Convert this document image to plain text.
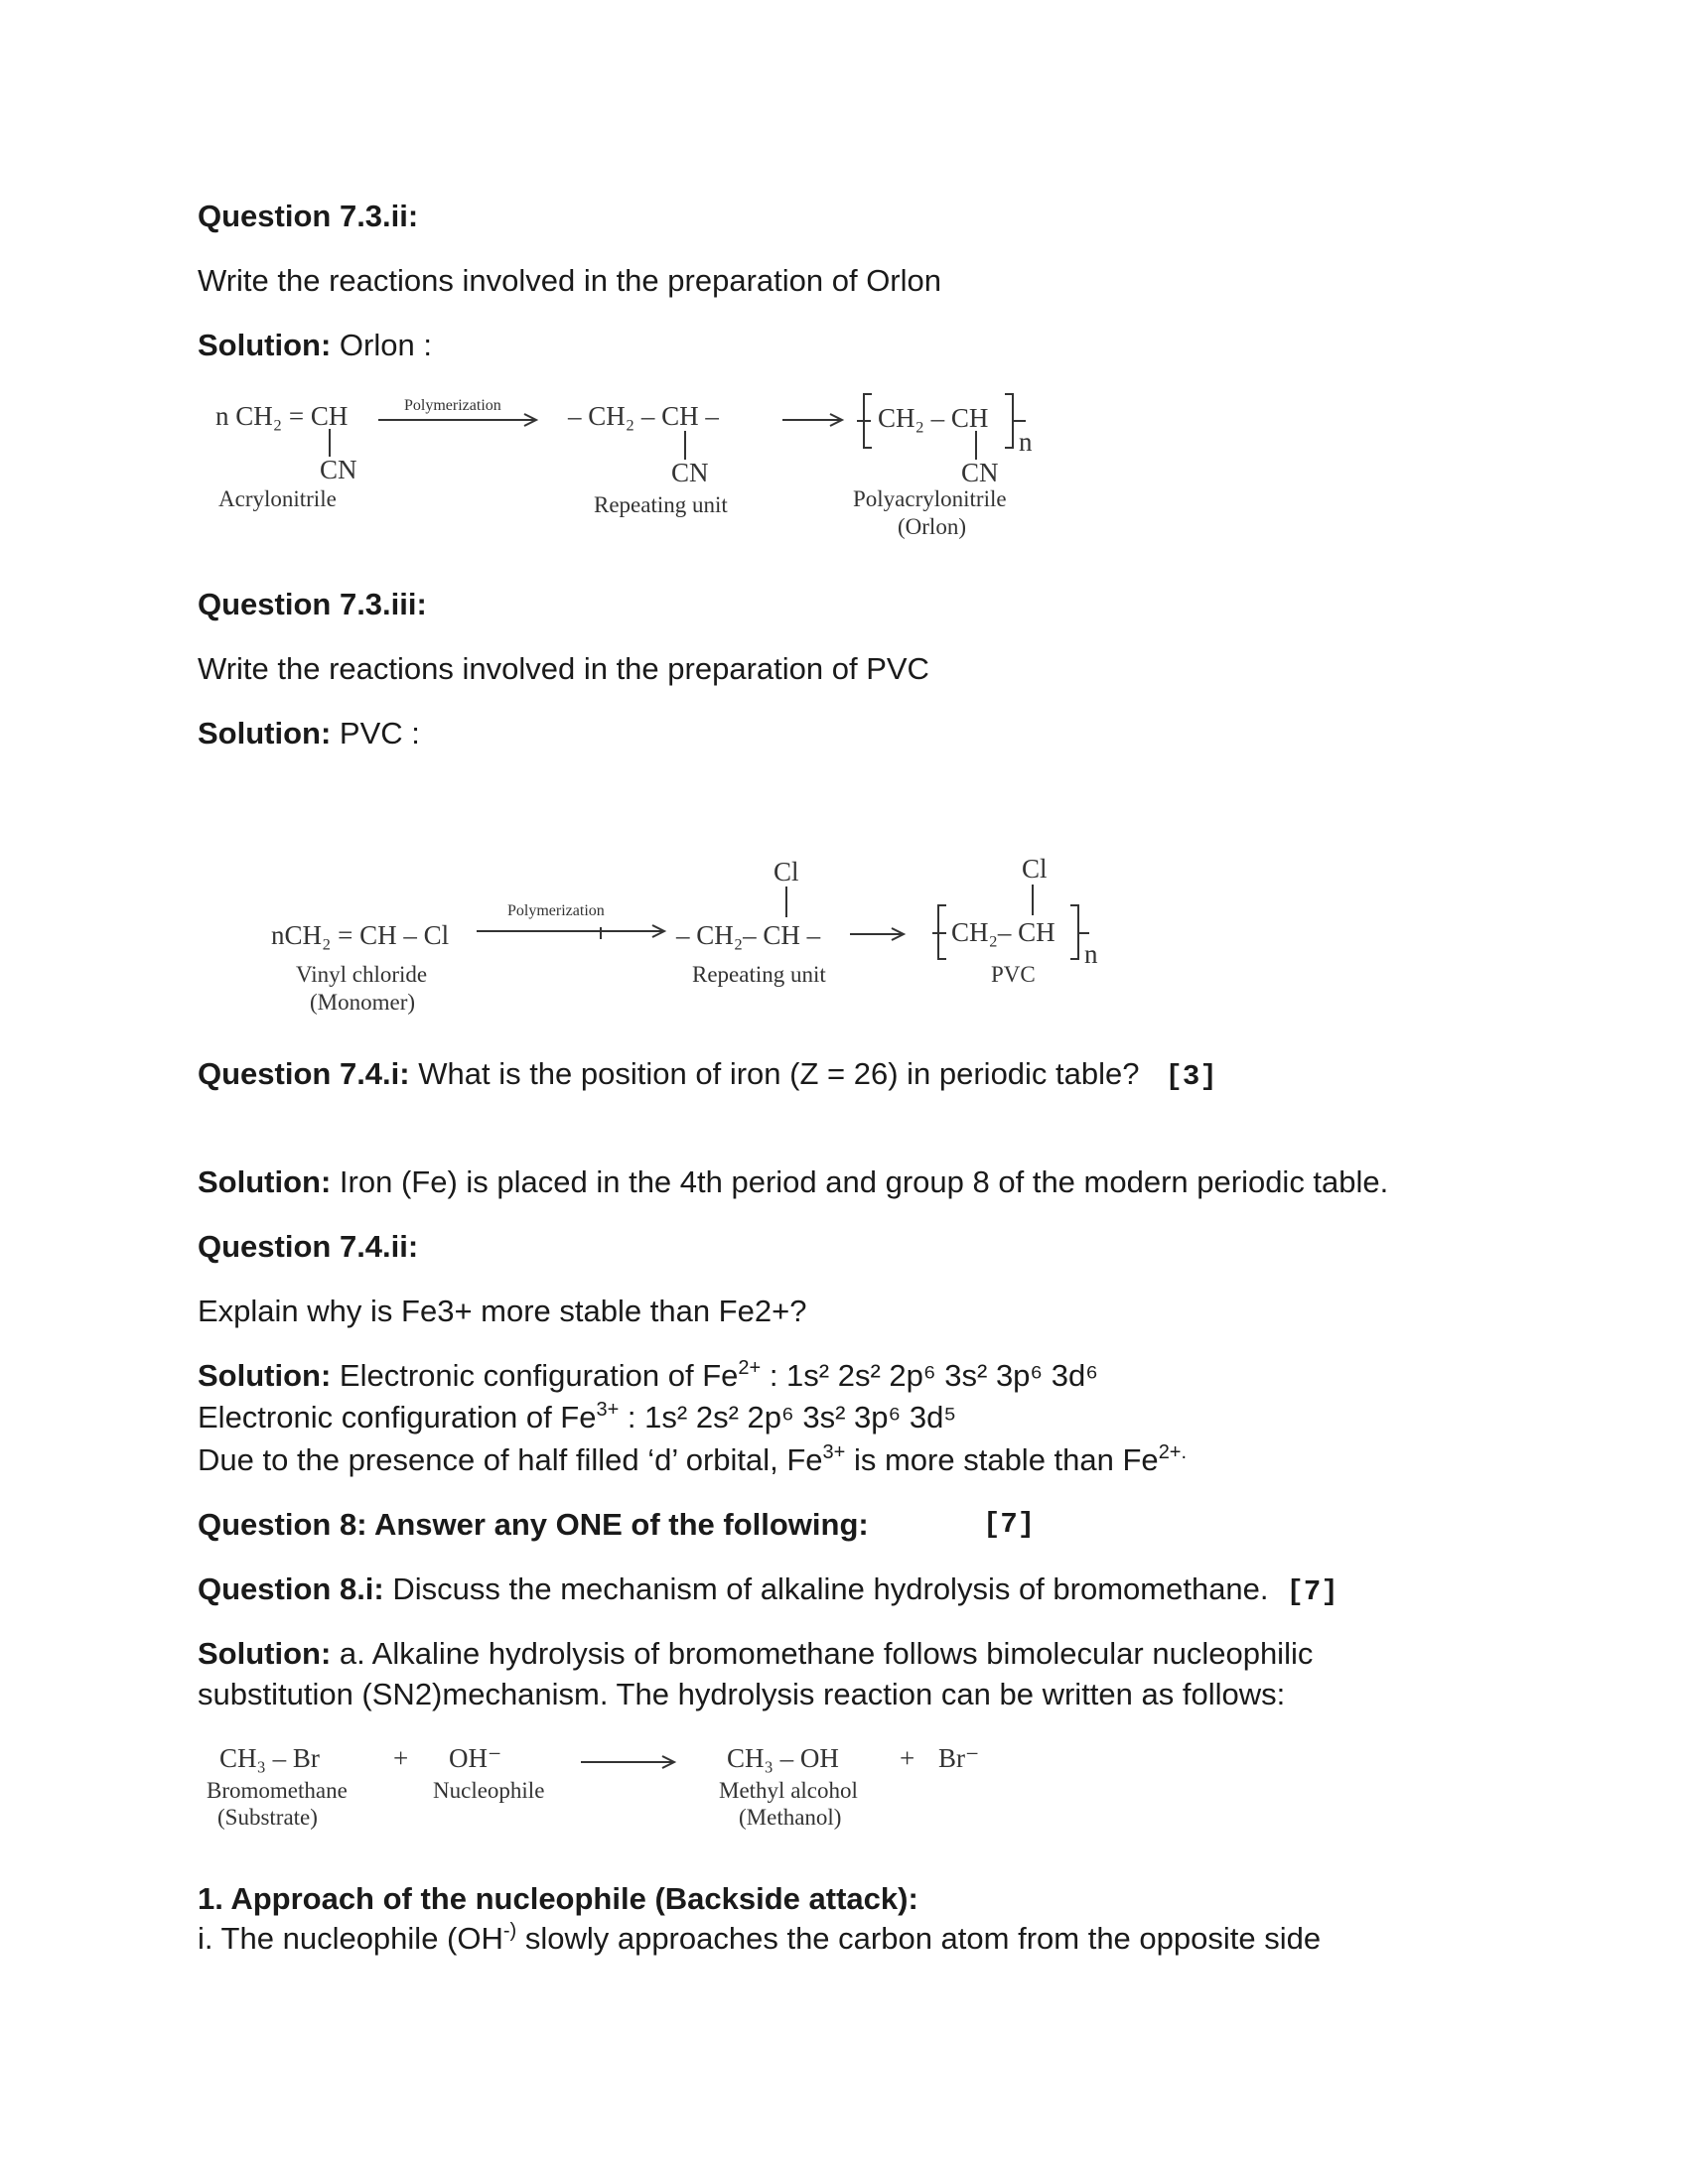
Question 7.3.ii:
Write the reactions involved in the preparation of Orlon
Solution: Orlon :
n CH₂ = CH
CN
Acrylonitrile
Polymerization – CH₂ – CH –
CN
Repeating unit
CH₂ – CH
n
CN
Polyacrylonitrile
(Orlon)
Question 7.3.iii:
Write the reactions involved in the preparation of PVC
Solution: PVC :
nCH₂ = CH – Cl
Vinyl chloride
(Monomer)
Polymerization
Cl
– CH₂– CH –
Repeating unit
Cl
CH₂– CH
n
PVC
Question 7.4.i: What is the position of iron (Z = 26) in periodic table? [3]
Solution: Iron (Fe) is placed in the 4th period and group 8 of the modern periodic table.
Question 7.4.ii:
Explain why is Fe3+ more stable than Fe2+?
Solution: Electronic configuration of $Fe^{2+}$ : 1s² 2s² 2p⁶ 3s² 3p⁶ 3d⁶
Electronic configuration of $Fe^{3+}$ : 1s² 2s² 2p⁶ 3s² 3p⁶ 3d⁵
Due to the presence of half filled ‘d’ orbital, $Fe^{3+}$ is more stable than $Fe^{2+.}$
Question 8: Answer any ONE of the following:	[7]
Question 8.i: Discuss the mechanism of alkaline hydrolysis of bromomethane. [7]
Solution: a. Alkaline hydrolysis of bromomethane follows bimolecular nucleophilic
substitution (SN2)mechanism. The hydrolysis reaction can be written as follows:
CH₃ – Br
Bromomethane
(Substrate)
+ OH⁻
Nucleophile
CH₃ – OH
Methyl alcohol
(Methanol)
+ Br⁻
1. Approach of the nucleophile (Backside attack):
i. The nucleophile (OH-) slowly approaches the carbon atom from the opposite side
